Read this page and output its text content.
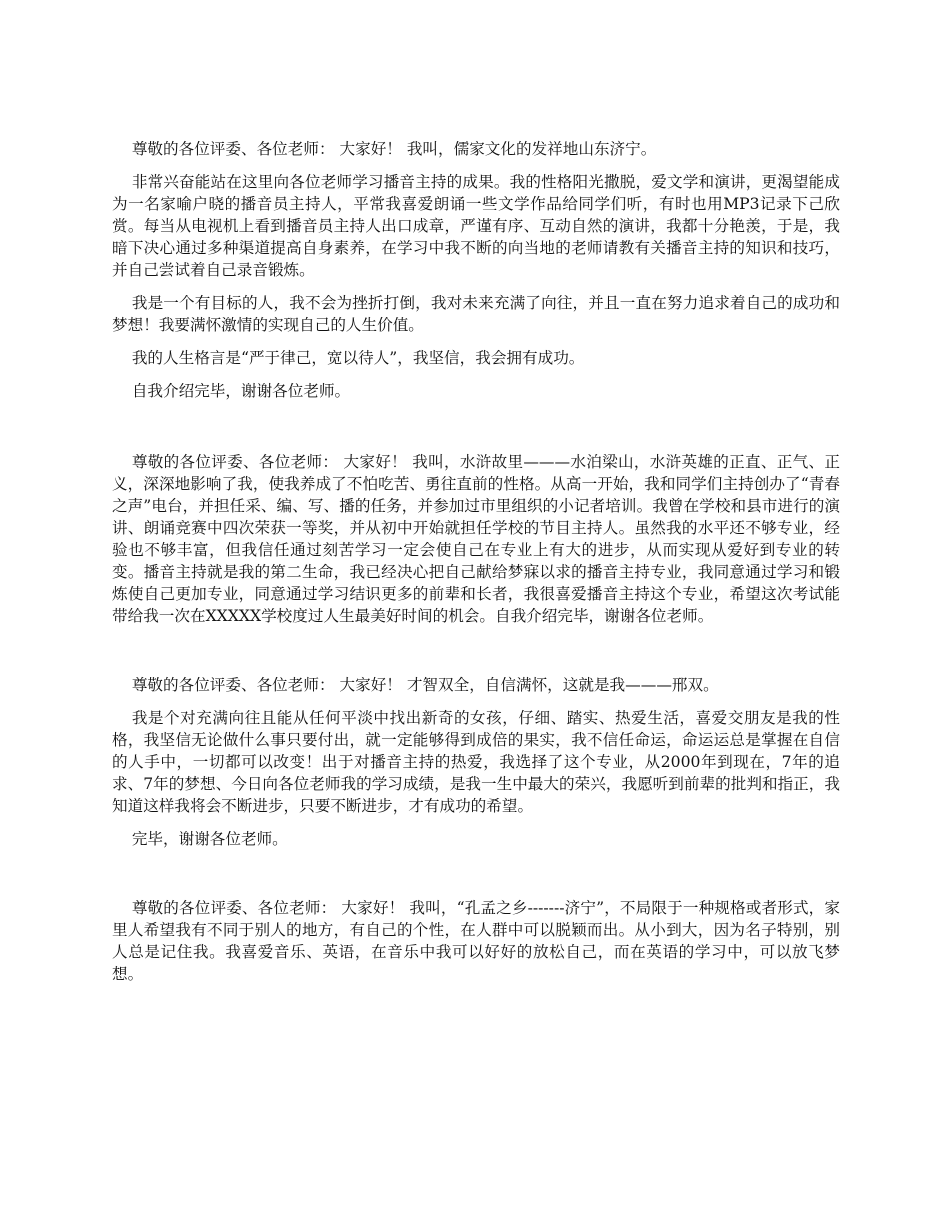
尊敬的各位评委、各位老师： 大家好！ 我叫，儒家文化的发祥地山东济宁。

非常兴奋能站在这里向各位老师学习播音主持的成果。我的性格阳光撒脱，爱文学和演讲，更渴望能成为一名家喻户晓的播音员主持人，平常我喜爱朗诵一些文学作品给同学们听，有时也用MP3记录下己欣赏。每当从电视机上看到播音员主持人出口成章，严谨有序、互动自然的演讲，我都十分艳羡，于是，我暗下决心通过多种渠道提高自身素养，在学习中我不断的向当地的老师请教有关播音主持的知识和技巧，并自己尝试着自己录音锻炼。

我是一个有目标的人，我不会为挫折打倒，我对未来充满了向往，并且一直在努力追求着自己的成功和梦想！我要满怀激情的实现自己的人生价值。

我的人生格言是“严于律己，宽以待人”，我坚信，我会拥有成功。

自我介绍完毕，谢谢各位老师。

尊敬的各位评委、各位老师： 大家好！ 我叫，水浒故里———水泊梁山，水浒英雄的正直、正气、正义，深深地影响了我，使我养成了不怕吃苦、勇往直前的性格。从高一开始，我和同学们主持创办了“青春之声”电台，并担任采、编、写、播的任务，并参加过市里组织的小记者培训。我曾在学校和县市进行的演讲、朗诵竞赛中四次荣获一等奖，并从初中开始就担任学校的节目主持人。虽然我的水平还不够专业，经验也不够丰富，但我信任通过刻苦学习一定会使自己在专业上有大的进步，从而实现从爱好到专业的转变。播音主持就是我的第二生命，我已经决心把自己献给梦寐以求的播音主持专业，我同意通过学习和锻炼使自己更加专业，同意通过学习结识更多的前辈和长者，我很喜爱播音主持这个专业，希望这次考试能带给我一次在XXXXX学校度过人生最美好时间的机会。自我介绍完毕，谢谢各位老师。

尊敬的各位评委、各位老师： 大家好！ 才智双全，自信满怀，这就是我———邢双。

我是个对充满向往且能从任何平淡中找出新奇的女孩，仔细、踏实、热爱生活，喜爱交朋友是我的性格，我坚信无论做什么事只要付出，就一定能够得到成倍的果实，我不信任命运，命运运总是掌握在自信的人手中，一切都可以改变！出于对播音主持的热爱，我选择了这个专业，从2000年到现在，7年的追求、7年的梦想、今日向各位老师我的学习成绩，是我一生中最大的荣兴，我愿听到前辈的批判和指正，我知道这样我将会不断进步，只要不断进步，才有成功的希望。

完毕，谢谢各位老师。

尊敬的各位评委、各位老师： 大家好！ 我叫，“孔孟之乡-------济宁”，不局限于一种规格或者形式，家里人希望我有不同于别人的地方，有自己的个性，在人群中可以脱颖而出。从小到大，因为名子特别，别人总是记住我。我喜爱音乐、英语，在音乐中我可以好好的放松自己，而在英语的学习中，可以放飞梦想。
